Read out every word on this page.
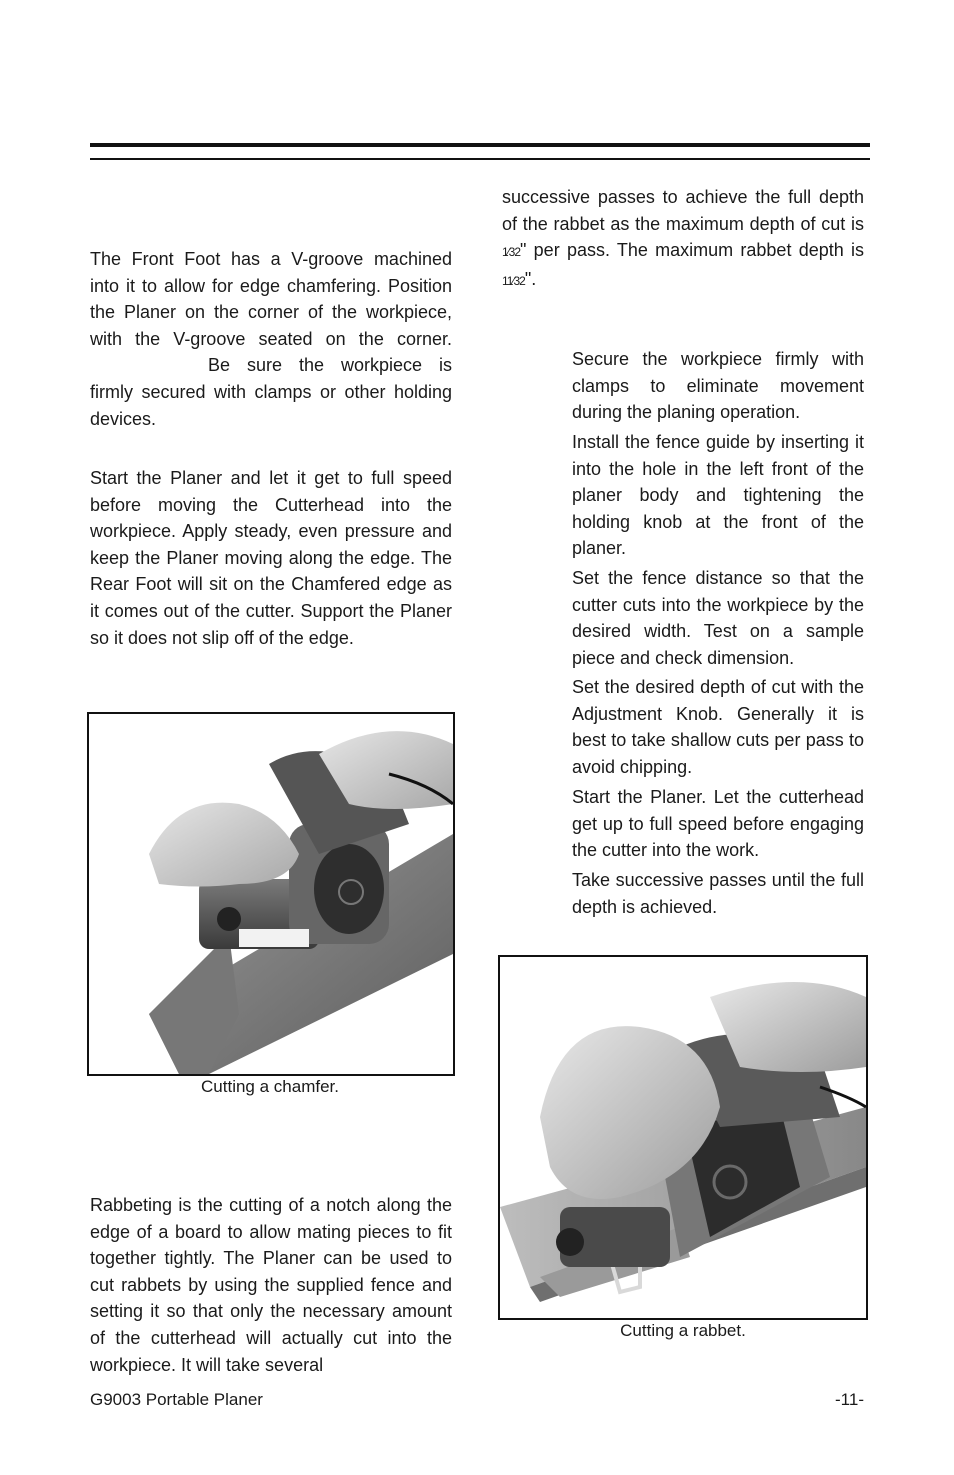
The Front Foot has a V-groove machined into it to allow for edge chamfering. Position the Planer on the corner of the workpiece, with the V-groove seated on the corner.Be sure the workpiece is firmly secured with clamps or other holding devices.

Start the Planer and let it get to full speed before moving the Cutterhead into the workpiece. Apply steady, even pressure and keep the Planer moving along the edge. The Rear Foot will sit on the Chamfered edge as it comes out of the cutter. Support the Planer so it does not slip off of the edge.

Cutting a chamfer.

Rabbeting is the cutting of a notch along the edge of a board to allow mating pieces to fit together tightly. The Planer can be used to cut rabbets by using the supplied fence and setting it so that only the necessary amount of the cutterhead will actually cut into the workpiece. It will take several

successive passes to achieve the full depth of the rabbet as the maximum depth of cut is 1⁄32" per pass. The maximum rabbet depth is 11⁄32".

Secure the workpiece firmly with clamps to eliminate movement during the planing operation.

Install the fence guide by inserting it into the hole in the left front of the planer body and tightening the holding knob at the front of the planer.

Set the fence distance so that the cutter cuts into the workpiece by the desired width. Test on a sample piece and check dimension.

Set the desired depth of cut with the Adjustment Knob. Generally it is best to take shallow cuts per pass to avoid chipping.

Start the Planer. Let the cutterhead get up to full speed before engaging the cutter into the work.

Take successive passes until the full depth is achieved.

Cutting a rabbet.

G9003 Portable Planer	-11-
